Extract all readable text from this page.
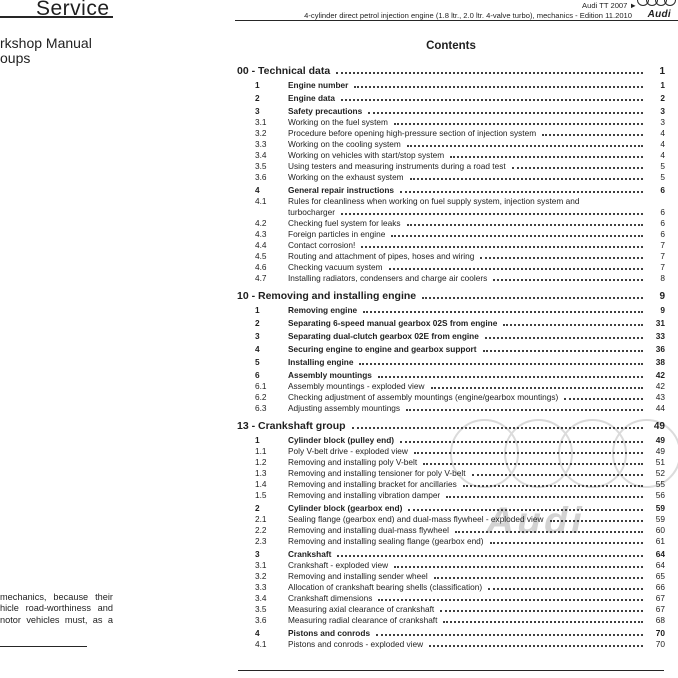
Service
rkshop Manual
oups
Audi TT 2007 ►
4-cylinder direct petrol injection engine (1.8 ltr., 2.0 ltr. 4-valve turbo), mechanics - Edition 11.2010 Audi
Audi
Contents
00 - Technical data	1
1	Engine number	1
2	Engine data	2
3	Safety precautions	3
3.1	Working on the fuel system	3
3.2	Procedure before opening high-pressure section of injection system	4
3.3	Working on the cooling system	4
3.4	Working on vehicles with start/stop system	4
3.5	Using testers and measuring instruments during a road test	5
3.6	Working on the exhaust system	5
4	General repair instructions	6
4.1	Rules for cleanliness when working on fuel supply system, injection system and
turbocharger	6
4.2	Checking fuel system for leaks	6
4.3	Foreign particles in engine	6
4.4	Contact corrosion!	7
4.5	Routing and attachment of pipes, hoses and wiring	7
4.6	Checking vacuum system	7
4.7	Installing radiators, condensers and charge air coolers	8
10 - Removing and installing engine	9
1	Removing engine	9
2	Separating 6-speed manual gearbox 02S from engine	31
3	Separating dual-clutch gearbox 02E from engine	33
4	Securing engine to engine and gearbox support	36
5	Installing engine	38
6	Assembly mountings	42
6.1	Assembly mountings - exploded view	42
6.2	Checking adjustment of assembly mountings (engine/gearbox mountings)	43
6.3	Adjusting assembly mountings	44
13 - Crankshaft group	49
1	Cylinder block (pulley end)	49
1.1	Poly V-belt drive - exploded view	49
1.2	Removing and installing poly V-belt	51
1.3	Removing and installing tensioner for poly V-belt	52
1.4	Removing and installing bracket for ancillaries	55
1.5	Removing and installing vibration damper	56
2	Cylinder block (gearbox end)	59
2.1	Sealing flange (gearbox end) and dual-mass flywheel - exploded view	59
2.2	Removing and installing dual-mass flywheel	60
2.3	Removing and installing sealing flange (gearbox end)	61
3	Crankshaft	64
3.1	Crankshaft - exploded view	64
3.2	Removing and installing sender wheel	65
3.3	Allocation of crankshaft bearing shells (classification)	66
3.4	Crankshaft dimensions	67
3.5	Measuring axial clearance of crankshaft	67
3.6	Measuring radial clearance of crankshaft	68
4	Pistons and conrods	70
4.1	Pistons and conrods - exploded view	70
mechanics, because their
hicle road-worthiness and
notor vehicles must, as a
